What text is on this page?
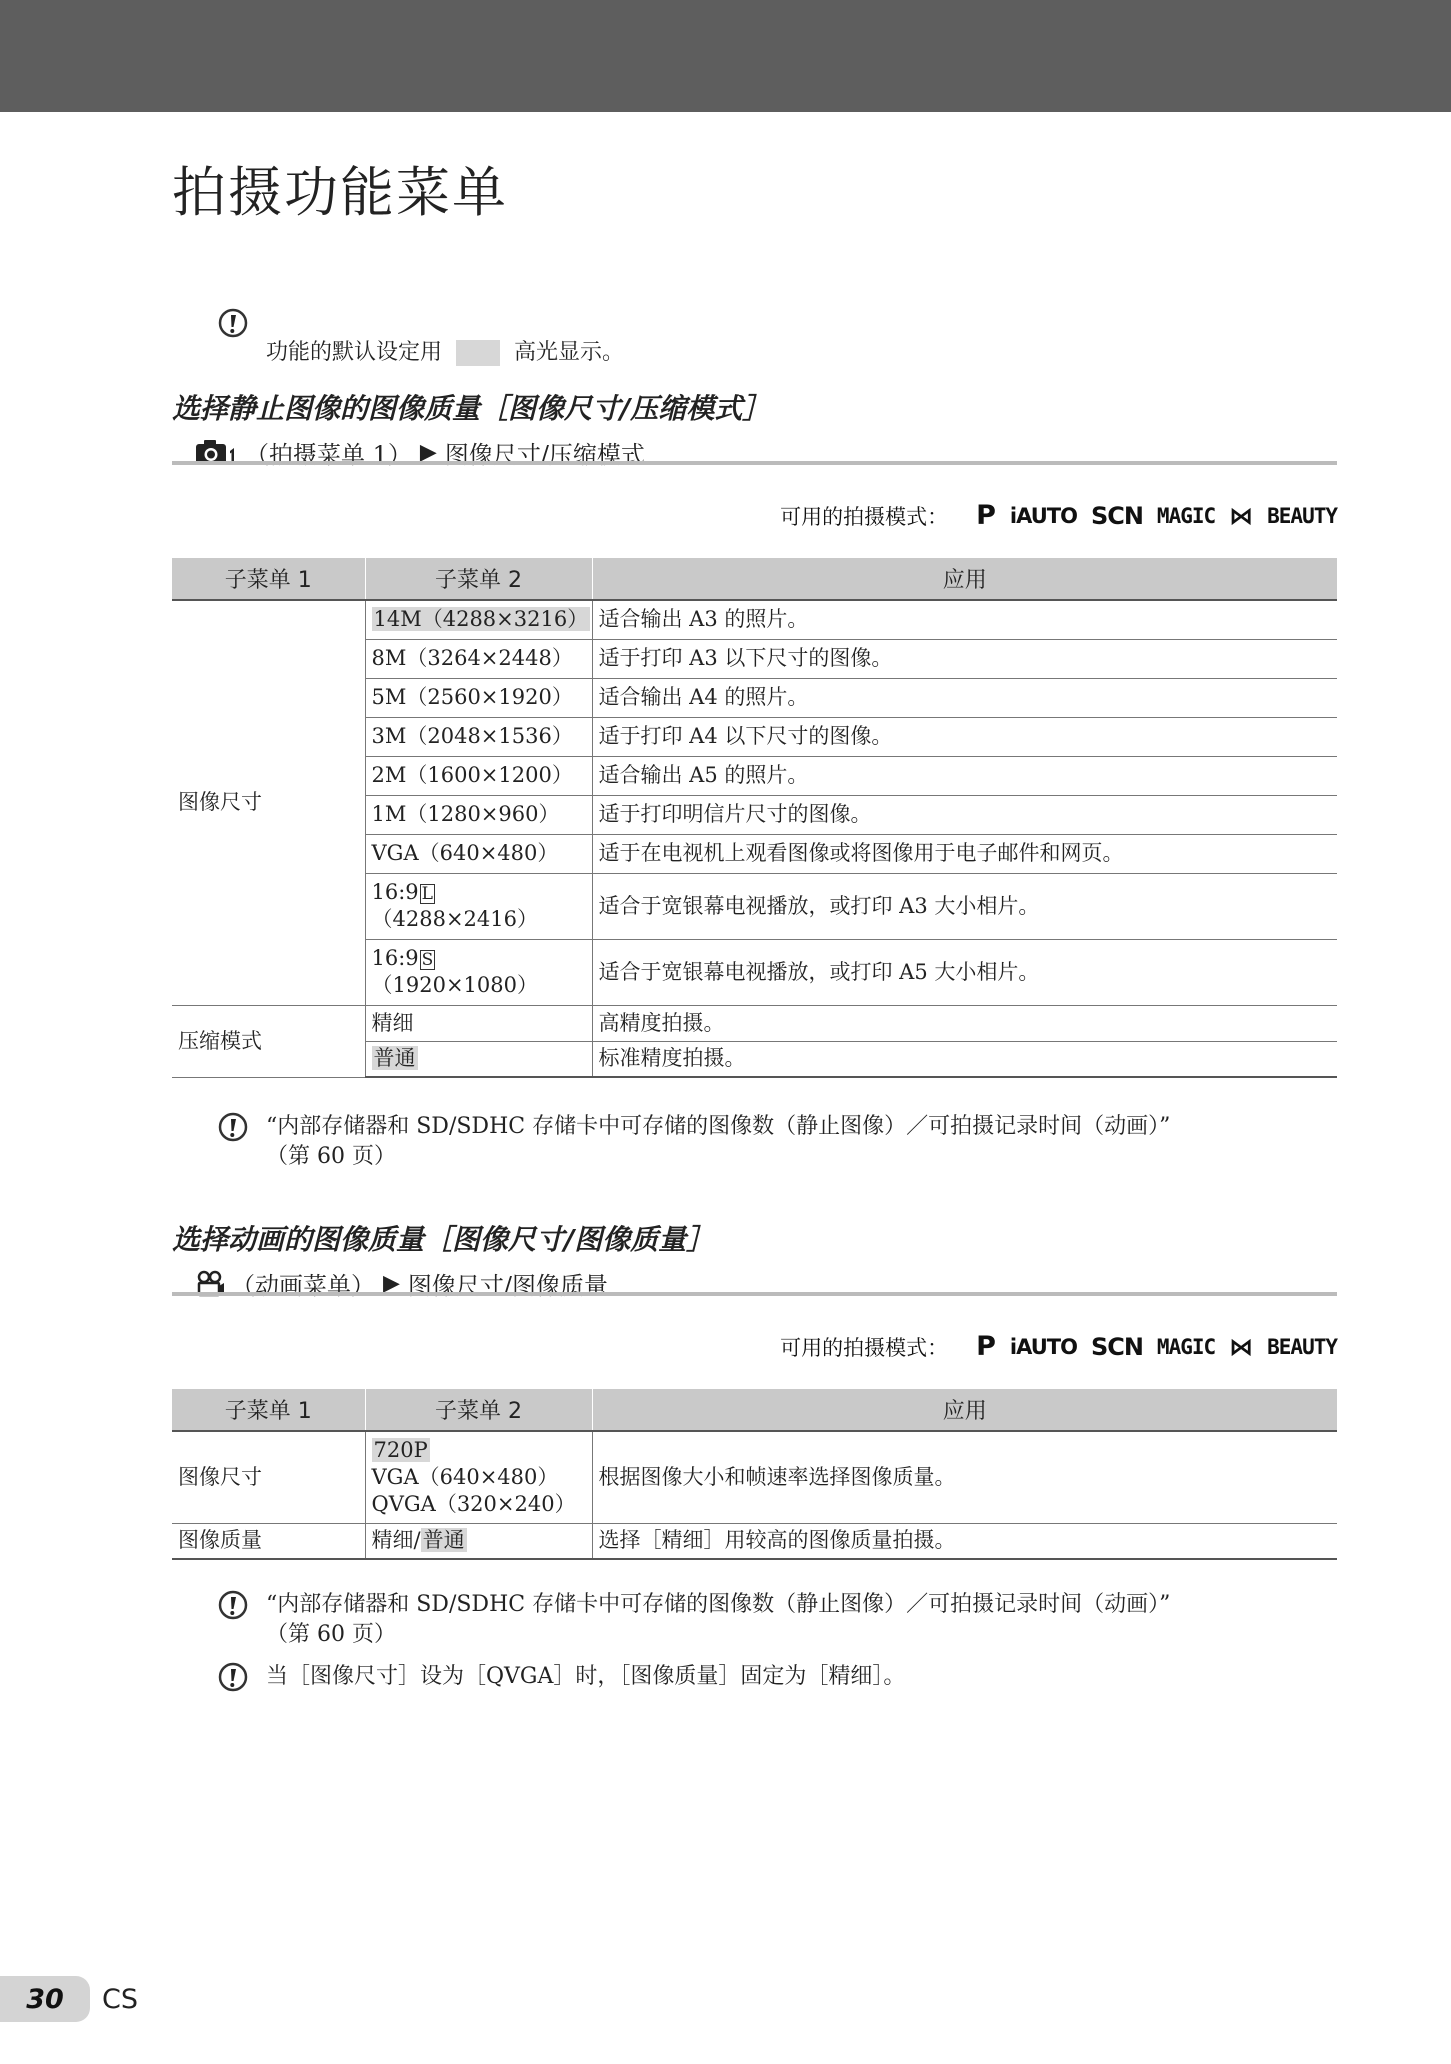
拍摄功能菜单

功能的默认设定用	高光显示。

选择静止图像的图像质量［图像尺寸/压缩模式］
（拍摄菜单 1） ▶ 图像尺寸/压缩模式
可用的拍摄模式： P iAUTO SCN MAGIC ⋈ BEAUTY
子菜单 1	子菜单 2	应用
图像尺寸	14M（4288×3216）	适合输出 A3 的照片。
	8M（3264×2448）	适于打印 A3 以下尺寸的图像。
	5M（2560×1920）	适合输出 A4 的照片。
	3M（2048×1536）	适于打印 A4 以下尺寸的图像。
	2M（1600×1200）	适合输出 A5 的照片。
	1M（1280×960）	适于打印明信片尺寸的图像。
	VGA（640×480）	适于在电视机上观看图像或将图像用于电子邮件和网页。
	16:9 L
（4288×2416）	适合于宽银幕电视播放，或打印 A3 大小相片。
	16:9 S
（1920×1080）	适合于宽银幕电视播放，或打印 A5 大小相片。
压缩模式	精细	高精度拍摄。
	普通	标准精度拍摄。
“内部存储器和 SD/SDHC 存储卡中可存储的图像数（静止图像）／可拍摄记录时间（动画）”
（第 60 页）
选择动画的图像质量［图像尺寸/图像质量］
（动画菜单） ▶ 图像尺寸/图像质量
可用的拍摄模式： P iAUTO SCN MAGIC ⋈ BEAUTY
子菜单 1	子菜单 2	应用
图像尺寸	720P
VGA（640×480）
QVGA（320×240）	根据图像大小和帧速率选择图像质量。
图像质量	精细/普通	选择［精细］用较高的图像质量拍摄。
“内部存储器和 SD/SDHC 存储卡中可存储的图像数（静止图像）／可拍摄记录时间（动画）”
（第 60 页）
当［图像尺寸］设为［QVGA］时，［图像质量］固定为［精细］。
30	CS
